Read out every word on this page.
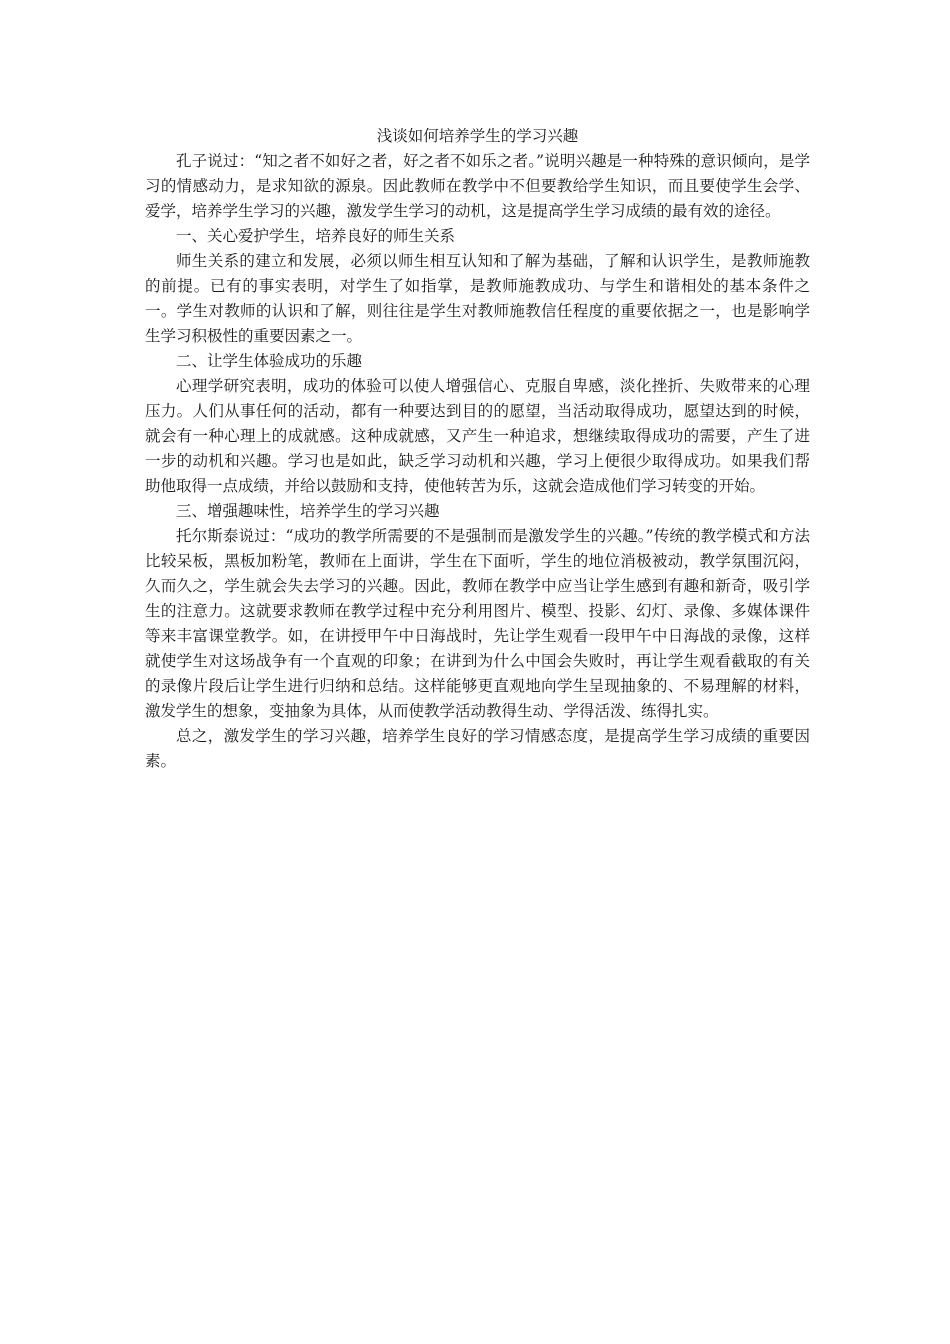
浅谈如何培养学生的学习兴趣

孔子说过：“知之者不如好之者，好之者不如乐之者。”说明兴趣是一种特殊的意识倾向，是学习的情感动力，是求知欲的源泉。因此教师在教学中不但要教给学生知识，而且要使学生会学、爱学，培养学生学习的兴趣，激发学生学习的动机，这是提高学生学习成绩的最有效的途径。

一、关心爱护学生，培养良好的师生关系

师生关系的建立和发展，必须以师生相互认知和了解为基础，了解和认识学生，是教师施教的前提。已有的事实表明，对学生了如指掌，是教师施教成功、与学生和谐相处的基本条件之一。学生对教师的认识和了解，则往往是学生对教师施教信任程度的重要依据之一，也是影响学生学习积极性的重要因素之一。

二、让学生体验成功的乐趣

心理学研究表明，成功的体验可以使人增强信心、克服自卑感，淡化挫折、失败带来的心理压力。人们从事任何的活动，都有一种要达到目的的愿望，当活动取得成功，愿望达到的时候，就会有一种心理上的成就感。这种成就感，又产生一种追求，想继续取得成功的需要，产生了进一步的动机和兴趣。学习也是如此，缺乏学习动机和兴趣，学习上便很少取得成功。如果我们帮助他取得一点成绩，并给以鼓励和支持，使他转苦为乐，这就会造成他们学习转变的开始。

三、增强趣味性，培养学生的学习兴趣

托尔斯泰说过：“成功的教学所需要的不是强制而是激发学生的兴趣。”传统的教学模式和方法比较呆板，黑板加粉笔，教师在上面讲，学生在下面听，学生的地位消极被动，教学氛围沉闷，久而久之，学生就会失去学习的兴趣。因此，教师在教学中应当让学生感到有趣和新奇，吸引学生的注意力。这就要求教师在教学过程中充分利用图片、模型、投影、幻灯、录像、多媒体课件等来丰富课堂教学。如，在讲授甲午中日海战时，先让学生观看一段甲午中日海战的录像，这样就使学生对这场战争有一个直观的印象；在讲到为什么中国会失败时，再让学生观看截取的有关的录像片段后让学生进行归纳和总结。这样能够更直观地向学生呈现抽象的、不易理解的材料，激发学生的想象，变抽象为具体，从而使教学活动教得生动、学得活泼、练得扎实。

总之，激发学生的学习兴趣，培养学生良好的学习情感态度，是提高学生学习成绩的重要因素。
